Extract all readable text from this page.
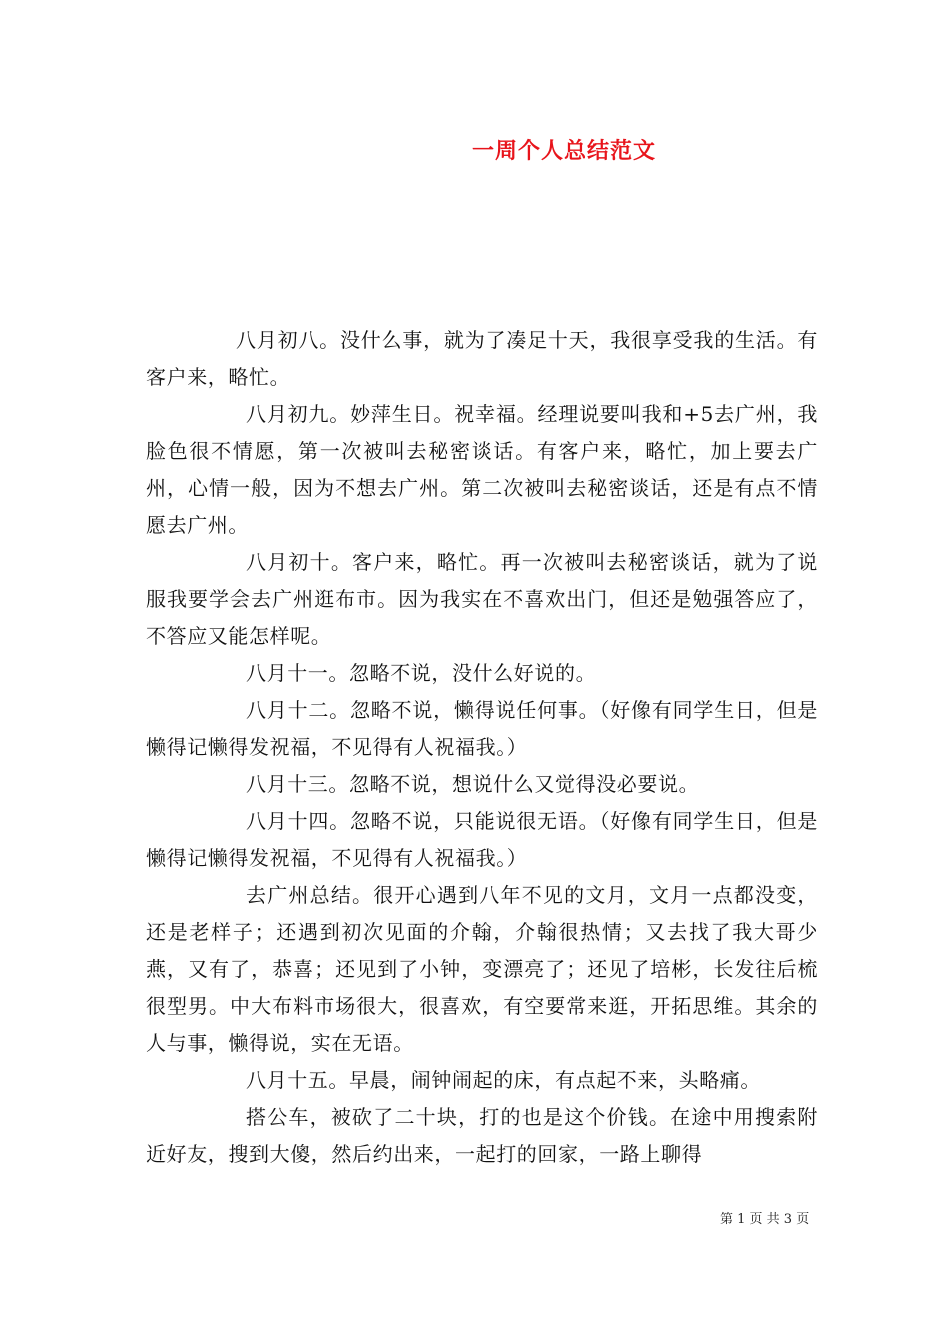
一周个人总结范文

八月初八。没什么事，就为了凑足十天，我很享受我的生活。有客户来，略忙。

八月初九。妙萍生日。祝幸福。经理说要叫我和+5去广州，我脸色很不情愿，第一次被叫去秘密谈话。有客户来，略忙，加上要去广州，心情一般，因为不想去广州。第二次被叫去秘密谈话，还是有点不情愿去广州。

八月初十。客户来，略忙。再一次被叫去秘密谈话，就为了说服我要学会去广州逛布市。因为我实在不喜欢出门，但还是勉强答应了，不答应又能怎样呢。

八月十一。忽略不说，没什么好说的。

八月十二。忽略不说，懒得说任何事。（好像有同学生日，但是懒得记懒得发祝福，不见得有人祝福我。）

八月十三。忽略不说，想说什么又觉得没必要说。

八月十四。忽略不说，只能说很无语。（好像有同学生日，但是懒得记懒得发祝福，不见得有人祝福我。）

去广州总结。很开心遇到八年不见的文月，文月一点都没变，还是老样子；还遇到初次见面的介翰，介翰很热情；又去找了我大哥少燕，又有了，恭喜；还见到了小钟，变漂亮了；还见了培彬，长发往后梳很型男。中大布料市场很大，很喜欢，有空要常来逛，开拓思维。其余的人与事，懒得说，实在无语。

八月十五。早晨，闹钟闹起的床，有点起不来，头略痛。

搭公车，被砍了二十块，打的也是这个价钱。在途中用搜索附近好友，搜到大傻，然后约出来，一起打的回家，一路上聊得

第 1 页 共 3 页
